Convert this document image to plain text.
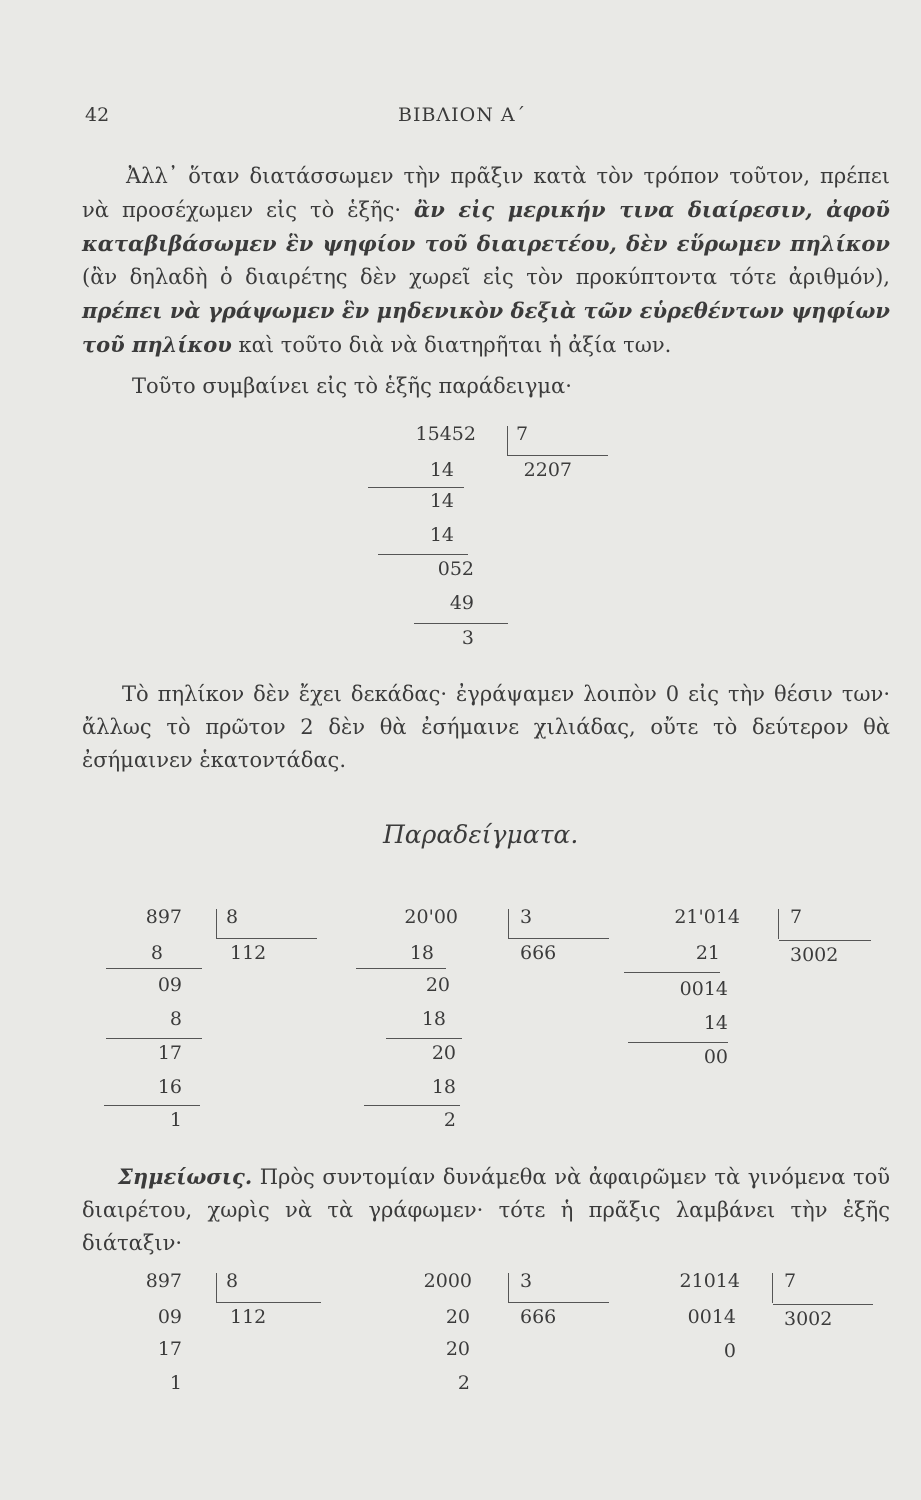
42	ΒΙΒΛΙΟΝ Α΄
Ἀλλ᾽ ὅταν διατάσσωμεν τὴν πρᾶξιν κατὰ τὸν τρόπον τοῦτον, πρέπει νὰ προσέχωμεν εἰς τὸ ἑξῆς· ἂν εἰς μερικήν τινα διαίρεσιν, ἀφοῦ καταβιβάσωμεν ἓν ψηφίον τοῦ διαιρετέου, δὲν εὕρωμεν πηλίκον (ἂν δηλαδὴ ὁ διαιρέτης δὲν χωρεῖ εἰς τὸν προκύπτοντα τότε ἀριθμόν), πρέπει νὰ γράψωμεν ἓν μηδενικὸν δεξιὰ τῶν εὑρεθέντων ψηφίων τοῦ πηλίκου καὶ τοῦτο διὰ νὰ διατηρῆται ἡ ἀξία των.
Τοῦτο συμβαίνει εἰς τὸ ἑξῆς παράδειγμα·
15452 7
2207
14
14
14
052
49
3
Τὸ πηλίκον δὲν ἔχει δεκάδας· ἐγράψαμεν λοιπὸν 0 εἰς τὴν θέσιν των· ἄλλως τὸ πρῶτον 2 δὲν θὰ ἐσήμαινε χιλιάδας, οὔτε τὸ δεύτερον θὰ ἐσήμαινεν ἑκατοντάδας.
Παραδείγματα.
897 8
112
8
09
8
17
16
1
20'00	3
666
18
20
18
20
18
2
21'014	7
3002
21
0014
14
00
Σημείωσις. Πρὸς συντομίαν δυνάμεθα νὰ ἀφαιρῶμεν τὰ γινόμενα τοῦ διαιρέτου, χωρὶς νὰ τὰ γράφωμεν· τότε ἡ πρᾶξις λαμβάνει τὴν ἑξῆς διάταξιν·
897 8
112
09
17
1
2000	3
666
20
20
2
21014 7
3002
0014
0
